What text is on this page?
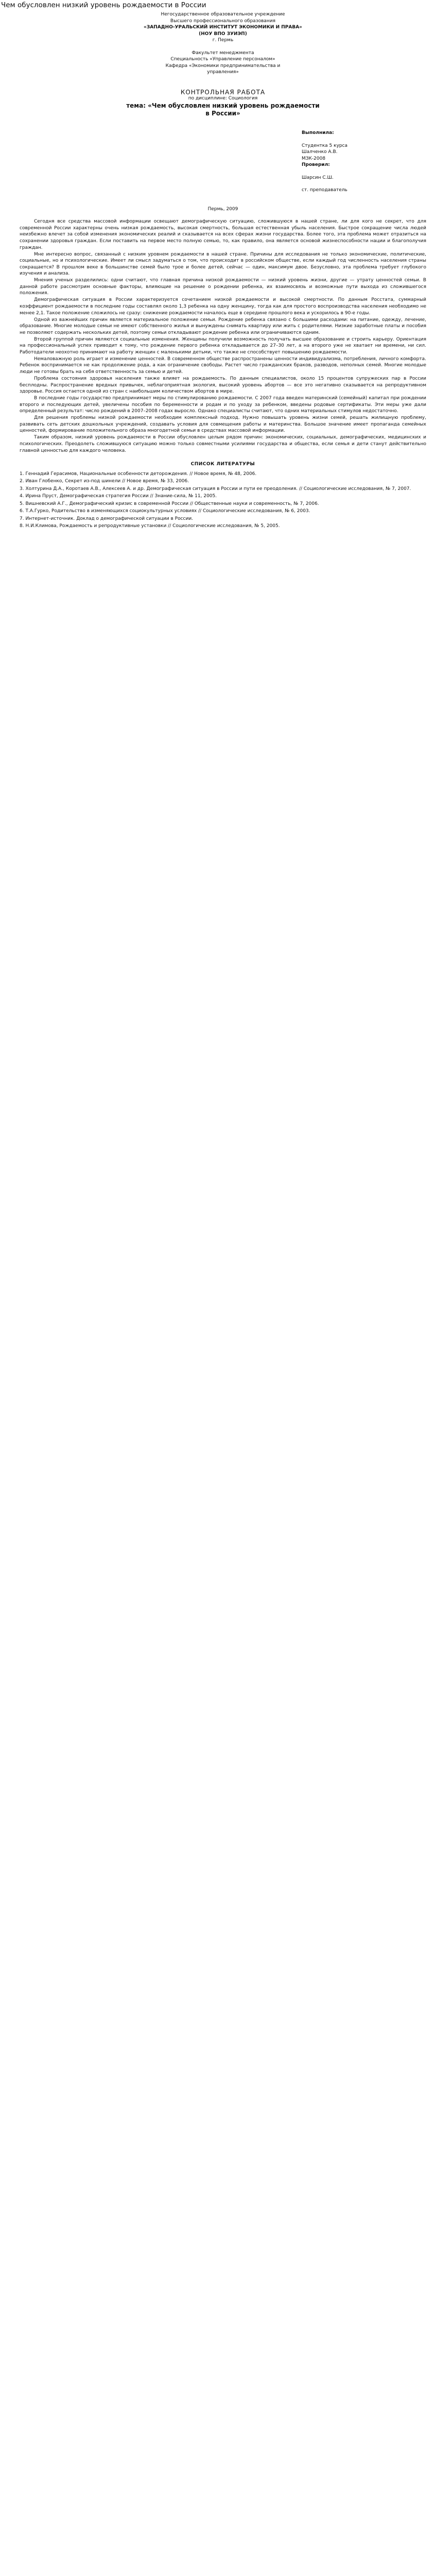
Чем обусловлен низкий уровень рождаемости в России
Негосударственное образовательное учреждение
Высшего профессионального образования
«ЗАПАДНО-УРАЛЬСКИЙ ИНСТИТУТ ЭКОНОМИКИ И ПРАВА»
(НОУ ВПО ЗУИЭП)
г. Пермь
Факультет менеджмента
Специальность «Управление персоналом»
Кафедра «Экономики предпринимательства и
управления»
КОНТРОЛЬНАЯ РАБОТА
по дисциплине: Социология
тема: «Чем обусловлен низкий уровень рождаемости
в России»
Выполнила:
Студентка 5 курса
Шалченко А.В.
МЗК-2008
Проверил:
Шарсин С.Ш.
ст. преподаватель
Пермь, 2009

Сегодня все средства массовой информации освещают демографическую ситуацию, сложившуюся в нашей стране, ли для кого не секрет, что для современной России характерны очень низкая рождаемость, высокая смертность, большая естественная убыль населения. Быстрое сокращение числа людей неизбежно влечет за собой изменения экономических реалий и сказывается на всех сферах жизни государства. Более того, эта проблема может отразиться на сохранении здоровья граждан. Если поставить на первое место полную семью, то, как правило, она является основой жизнеспособности нации и благополучия граждан.

Мне интересно вопрос, связанный с низким уровнем рождаемости в нашей стране. Причины для исследования не только экономические, политические, социальные, но и психологические. Имеет ли смысл задуматься о том, что происходит в российском обществе, если каждый год численность населения страны сокращается? В прошлом веке в большинстве семей было трое и более детей, сейчас — один, максимум двое. Безусловно, эта проблема требует глубокого изучения и анализа.

Мнения ученых разделились: одни считают, что главная причина низкой рождаемости — низкий уровень жизни, другие — утрату ценностей семьи. В данной работе рассмотрим основные факторы, влияющие на решение о рождении ребенка, их взаимосвязь и возможные пути выхода из сложившегося положения.

Демографическая ситуация в России характеризуется сочетанием низкой рождаемости и высокой смертности. По данным Росстата, суммарный коэффициент рождаемости в последние годы составлял около 1,3 ребенка на одну женщину, тогда как для простого воспроизводства населения необходимо не менее 2,1. Такое положение сложилось не сразу: снижение рождаемости началось еще в середине прошлого века и ускорилось в 90-е годы.

Одной из важнейших причин является материальное положение семьи. Рождение ребенка связано с большими расходами: на питание, одежду, лечение, образование. Многие молодые семьи не имеют собственного жилья и вынуждены снимать квартиру или жить с родителями. Низкие заработные платы и пособия не позволяют содержать нескольких детей, поэтому семьи откладывают рождение ребенка или ограничиваются одним.

Второй группой причин являются социальные изменения. Женщины получили возможность получать высшее образование и строить карьеру. Ориентация на профессиональный успех приводит к тому, что рождение первого ребенка откладывается до 27–30 лет, а на второго уже не хватает ни времени, ни сил. Работодатели неохотно принимают на работу женщин с маленькими детьми, что также не способствует повышению рождаемости.

Немаловажную роль играет и изменение ценностей. В современном обществе распространены ценности индивидуализма, потребления, личного комфорта. Ребенок воспринимается не как продолжение рода, а как ограничение свободы. Растет число гражданских браков, разводов, неполных семей. Многие молодые люди не готовы брать на себя ответственность за семью и детей.

Проблема состояния здоровья населения также влияет на рождаемость. По данным специалистов, около 15 процентов супружеских пар в России бесплодны. Распространение вредных привычек, неблагоприятная экология, высокий уровень абортов — все это негативно сказывается на репродуктивном здоровье. Россия остается одной из стран с наибольшим количеством абортов в мире.

В последние годы государство предпринимает меры по стимулированию рождаемости. С 2007 года введен материнский (семейный) капитал при рождении второго и последующих детей, увеличены пособия по беременности и родам и по уходу за ребенком, введены родовые сертификаты. Эти меры уже дали определенный результат: число рождений в 2007–2008 годах выросло. Однако специалисты считают, что одних материальных стимулов недостаточно.

Для решения проблемы низкой рождаемости необходим комплексный подход. Нужно повышать уровень жизни семей, решать жилищную проблему, развивать сеть детских дошкольных учреждений, создавать условия для совмещения работы и материнства. Большое значение имеет пропаганда семейных ценностей, формирование положительного образа многодетной семьи в средствах массовой информации.

Таким образом, низкий уровень рождаемости в России обусловлен целым рядом причин: экономических, социальных, демографических, медицинских и психологических. Преодолеть сложившуюся ситуацию можно только совместными усилиями государства и общества, если семья и дети станут действительно главной ценностью для каждого человека.

СПИСОК ЛИТЕРАТУРЫ

1. Геннадий Герасимов, Национальные особенности деторождения. // Новое время, № 48, 2006.

2. Иван Глобенко, Секрет из-под шинели // Новое время, № 33, 2006.

3. Холтурина Д.А., Коротаев А.В., Алексеев А. и др. Демографическая ситуация в России и пути ее преодоления. // Социологические исследования, № 7, 2007.

4. Ирина Пруст, Демографическая стратегия России // Знание-сила, № 11, 2005.

5. Вишневский А.Г., Демографический кризис в современной России // Общественные науки и современность, № 7, 2006.

6. Т.А.Гурко, Родительство в изменяющихся социокультурных условиях // Социологические исследования, № 6, 2003.

7. Интернет-источник. Доклад о демографической ситуации в России.

8. Н.И.Климова, Рождаемость и репродуктивные установки // Социологические исследования, № 5, 2005.
